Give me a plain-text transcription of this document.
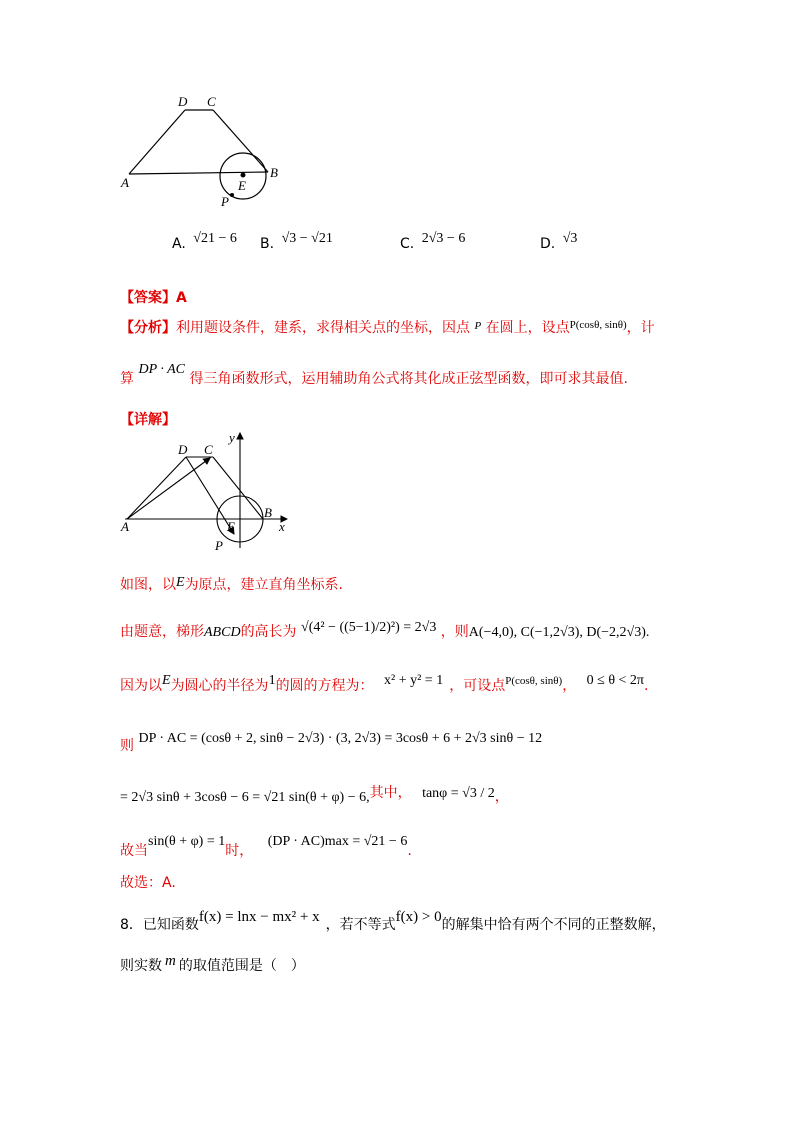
D C
A
B
E
P
A. √21 − 6 B. √3 − √21	C. 2√3 − 6	D. √3
【答案】A
【分析】利用题设条件，建系，求得相关点的坐标，因点 $^P$ 在圆上，设点$^{P(cos\theta, sin\theta)}$，计
算 DP · AC 得三角函数形式，运用辅助角公式将其化成正弦型函数，即可求其最值.
【详解】
y
x
D C
A
B
E
P
如图，以E为原点，建立直角坐标系.
由题意，梯形ABCD的高长为 √(4² − ((5−1)/2)²) = 2√3 ，则A(−4,0), C(−1,2√3), D(−2,2√3).
因为以E为圆心的半径为1的圆的方程为： x² + y² = 1 ，可设点$^{P(cos\theta, sin\theta)}$， 0 ≤ θ < 2π.
则 DP · AC = (cosθ + 2, sinθ − 2√3) · (3, 2√3) = 3cosθ + 6 + 2√3 sinθ − 12
= 2√3 sinθ + 3cosθ − 6 = √21 sin(θ + φ) − 6,其中， tanφ = √3 / 2，
故当sin(θ + φ) = 1时， (DP · AC)max = √21 − 6.
故选：A.
8．已知函数f(x) = lnx − mx² + x ，若不等式f(x) > 0的解集中恰有两个不同的正整数解，
则实数 m 的取值范围是（　）
